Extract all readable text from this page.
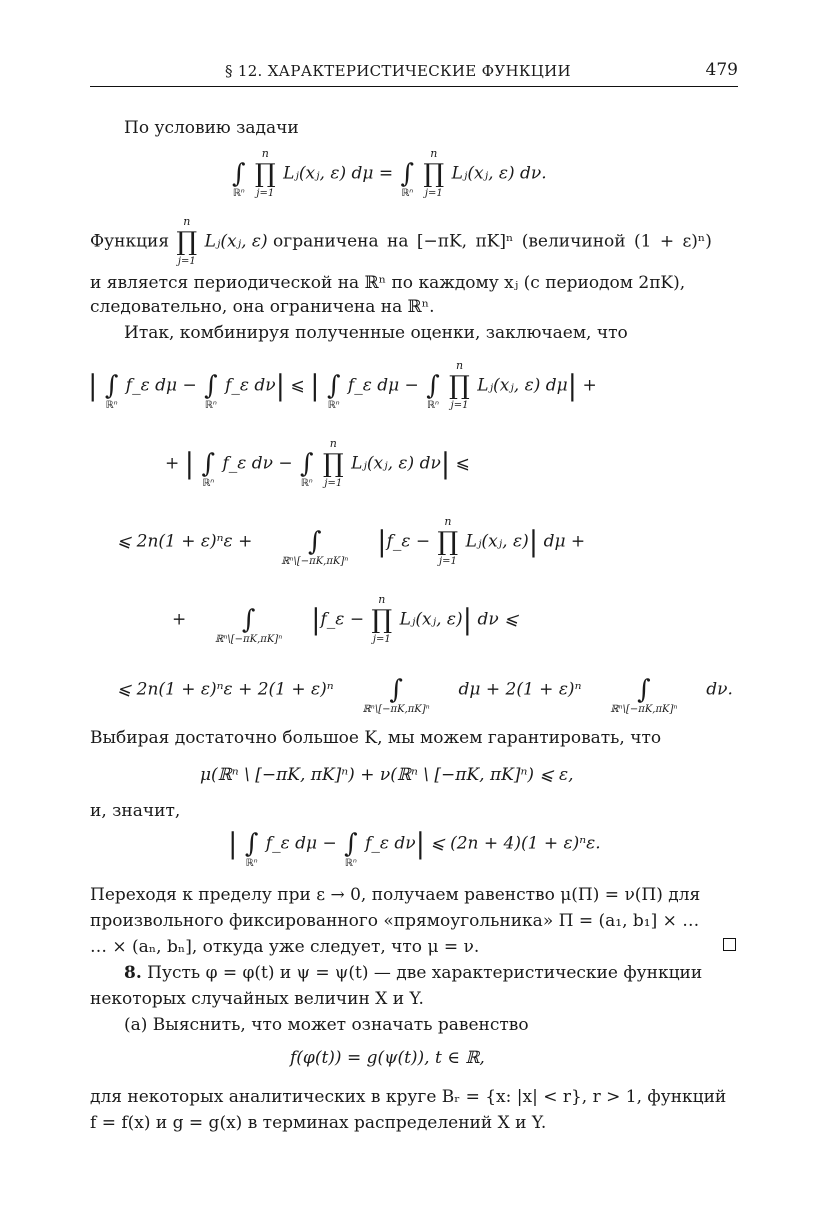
§ 12. ХАРАКТЕРИСТИЧЕСКИЕ ФУНКЦИИ	479
По условию задачи
∫
ℝⁿ

n
∏
j=1
Lⱼ(xⱼ, ε) dμ = ∫
ℝⁿ

n
∏
j=1
Lⱼ(xⱼ, ε) dν.
Функция
n
∏
j=1
Lⱼ(xⱼ, ε) ограничена на [−πK, πK]ⁿ (величиной (1 + ε)ⁿ)
и является периодической на ℝⁿ по каждому xⱼ (с периодом 2πK),
следовательно, она ограничена на ℝⁿ.
Итак, комбинируя полученные оценки, заключаем, что
| ∫
ℝⁿ
f_ε dμ − ∫
ℝⁿ
f_ε dν| ⩽ | ∫
ℝⁿ
f_ε dμ − ∫
ℝⁿ

n
∏
j=1
Lⱼ(xⱼ, ε) dμ| +
+ | ∫
ℝⁿ
f_ε dν − ∫
ℝⁿ

n
∏
j=1
Lⱼ(xⱼ, ε) dν| ⩽
⩽ 2n(1 + ε)ⁿε +	∫
ℝⁿ\[−πK,πK]ⁿ
|f_ε −
n
∏
j=1
Lⱼ(xⱼ, ε)| dμ +
+	∫
ℝⁿ\[−πK,πK]ⁿ
|f_ε −
n
∏
j=1
Lⱼ(xⱼ, ε)| dν ⩽
⩽ 2n(1 + ε)ⁿε + 2(1 + ε)ⁿ	∫
ℝⁿ\[−πK,πK]ⁿ
dμ + 2(1 + ε)ⁿ	∫
ℝⁿ\[−πK,πK]ⁿ
dν.
Выбирая достаточно большое K, мы можем гарантировать, что
μ(ℝⁿ \ [−πK, πK]ⁿ) + ν(ℝⁿ \ [−πK, πK]ⁿ) ⩽ ε,
и, значит,
| ∫
ℝⁿ
f_ε dμ − ∫
ℝⁿ
f_ε dν| ⩽ (2n + 4)(1 + ε)ⁿε.
Переходя к пределу при ε → 0, получаем равенство μ(Π) = ν(Π) для
произвольного фиксированного «прямоугольника» Π = (a₁, b₁] × …
… × (aₙ, bₙ], откуда уже следует, что μ = ν.
8. Пусть φ = φ(t) и ψ = ψ(t) — две характеристические функции
некоторых случайных величин X и Y.
(a) Выяснить, что может означать равенство
f(φ(t)) = g(ψ(t)), t ∈ ℝ,
для некоторых аналитических в круге Bᵣ = {x: |x| < r}, r > 1, функций
f = f(x) и g = g(x) в терминах распределений X и Y.
